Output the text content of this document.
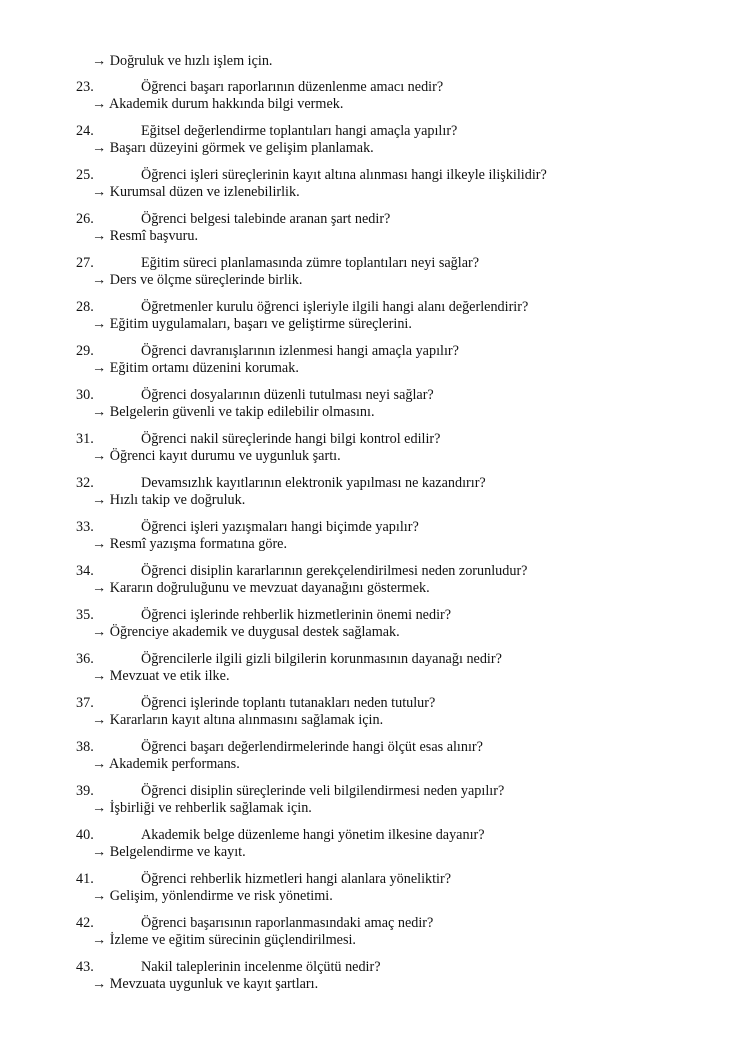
→ Doğruluk ve hızlı işlem için.
23.	Öğrenci başarı raporlarının düzenlenme amacı nedir?
→ Akademik durum hakkında bilgi vermek.
24.	Eğitsel değerlendirme toplantıları hangi amaçla yapılır?
→ Başarı düzeyini görmek ve gelişim planlamak.
25.	Öğrenci işleri süreçlerinin kayıt altına alınması hangi ilkeyle ilişkilidir?
→ Kurumsal düzen ve izlenebilirlik.
26.	Öğrenci belgesi talebinde aranan şart nedir?
→ Resmî başvuru.
27.	Eğitim süreci planlamasında zümre toplantıları neyi sağlar?
→ Ders ve ölçme süreçlerinde birlik.
28.	Öğretmenler kurulu öğrenci işleriyle ilgili hangi alanı değerlendirir?
→ Eğitim uygulamaları, başarı ve geliştirme süreçlerini.
29.	Öğrenci davranışlarının izlenmesi hangi amaçla yapılır?
→ Eğitim ortamı düzenini korumak.
30.	Öğrenci dosyalarının düzenli tutulması neyi sağlar?
→ Belgelerin güvenli ve takip edilebilir olmasını.
31.	Öğrenci nakil süreçlerinde hangi bilgi kontrol edilir?
→ Öğrenci kayıt durumu ve uygunluk şartı.
32.	Devamsızlık kayıtlarının elektronik yapılması ne kazandırır?
→ Hızlı takip ve doğruluk.
33.	Öğrenci işleri yazışmaları hangi biçimde yapılır?
→ Resmî yazışma formatına göre.
34.	Öğrenci disiplin kararlarının gerekçelendirilmesi neden zorunludur?
→ Kararın doğruluğunu ve mevzuat dayanağını göstermek.
35.	Öğrenci işlerinde rehberlik hizmetlerinin önemi nedir?
→ Öğrenciye akademik ve duygusal destek sağlamak.
36.	Öğrencilerle ilgili gizli bilgilerin korunmasının dayanağı nedir?
→ Mevzuat ve etik ilke.
37.	Öğrenci işlerinde toplantı tutanakları neden tutulur?
→ Kararların kayıt altına alınmasını sağlamak için.
38.	Öğrenci başarı değerlendirmelerinde hangi ölçüt esas alınır?
→ Akademik performans.
39.	Öğrenci disiplin süreçlerinde veli bilgilendirmesi neden yapılır?
→ İşbirliği ve rehberlik sağlamak için.
40.	Akademik belge düzenleme hangi yönetim ilkesine dayanır?
→ Belgelendirme ve kayıt.
41.	Öğrenci rehberlik hizmetleri hangi alanlara yöneliktir?
→ Gelişim, yönlendirme ve risk yönetimi.
42.	Öğrenci başarısının raporlanmasındaki amaç nedir?
→ İzleme ve eğitim sürecinin güçlendirilmesi.
43.	Nakil taleplerinin incelenme ölçütü nedir?
→ Mevzuata uygunluk ve kayıt şartları.
